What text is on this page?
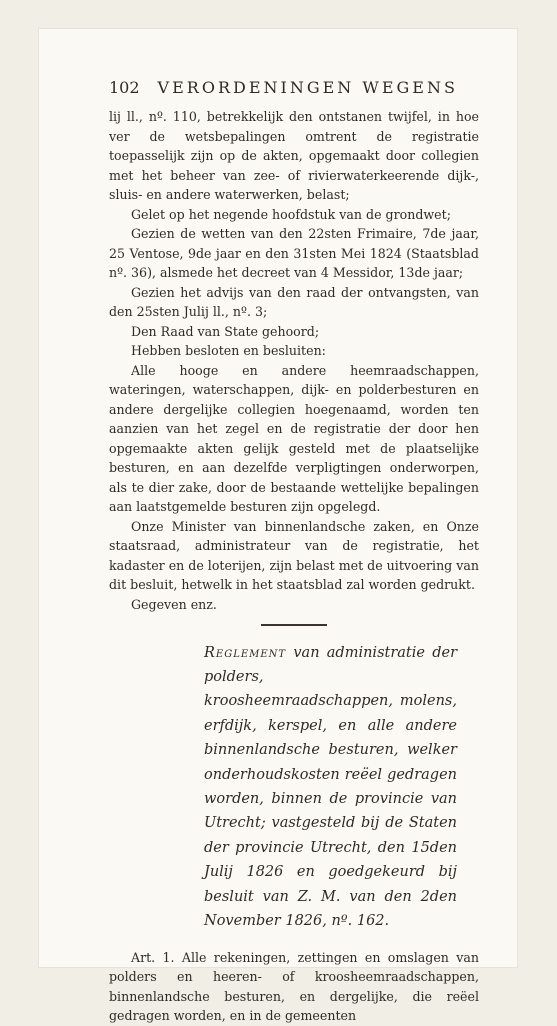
102 VERORDENINGEN WEGENS

lij ll., nº. 110, betrekkelijk den ontstanen twijfel, in hoe ver de wetsbepalingen omtrent de registratie toepasselijk zijn op de akten, opgemaakt door collegien met het beheer van zee- of rivierwaterkeerende dijk-, sluis- en andere waterwerken, belast;

Gelet op het negende hoofdstuk van de grondwet;

Gezien de wetten van den 22sten Frimaire, 7de jaar, 25 Ventose, 9de jaar en den 31sten Mei 1824 (Staatsblad nº. 36), alsmede het decreet van 4 Messidor, 13de jaar;

Gezien het advijs van den raad der ontvangsten, van den 25sten Julij ll., nº. 3;

Den Raad van State gehoord;

Hebben besloten en besluiten:

Alle hooge en andere heemraadschappen, wateringen, waterschappen, dijk- en polderbesturen en andere dergelijke collegien hoegenaamd, worden ten aanzien van het zegel en de registratie der door hen opgemaakte akten gelijk gesteld met de plaatselijke besturen, en aan dezelfde verpligtingen onderworpen, als te dier zake, door de bestaande wettelijke bepalingen aan laatstgemelde besturen zijn opgelegd.

Onze Minister van binnenlandsche zaken, en Onze staatsraad, administrateur van de registratie, het kadaster en de loterijen, zijn belast met de uitvoering van dit besluit, hetwelk in het staatsblad zal worden gedrukt.

Gegeven enz.

Reglement van administratie der polders, kroosheemraadschappen, molens, erfdijk, kerspel, en alle andere binnenlandsche besturen, welker onderhoudskosten reëel gedragen worden, binnen de provincie van Utrecht; vastgesteld bij de Staten der provincie Utrecht, den 15den Julij 1826 en goedgekeurd bij besluit van Z. M. van den 2den November 1826, nº. 162.

Art. 1. Alle rekeningen, zettingen en omslagen van polders en heeren- of kroosheemraadschappen, binnenlandsche besturen, en dergelijke, die reëel gedragen worden, en in de gemeenten
